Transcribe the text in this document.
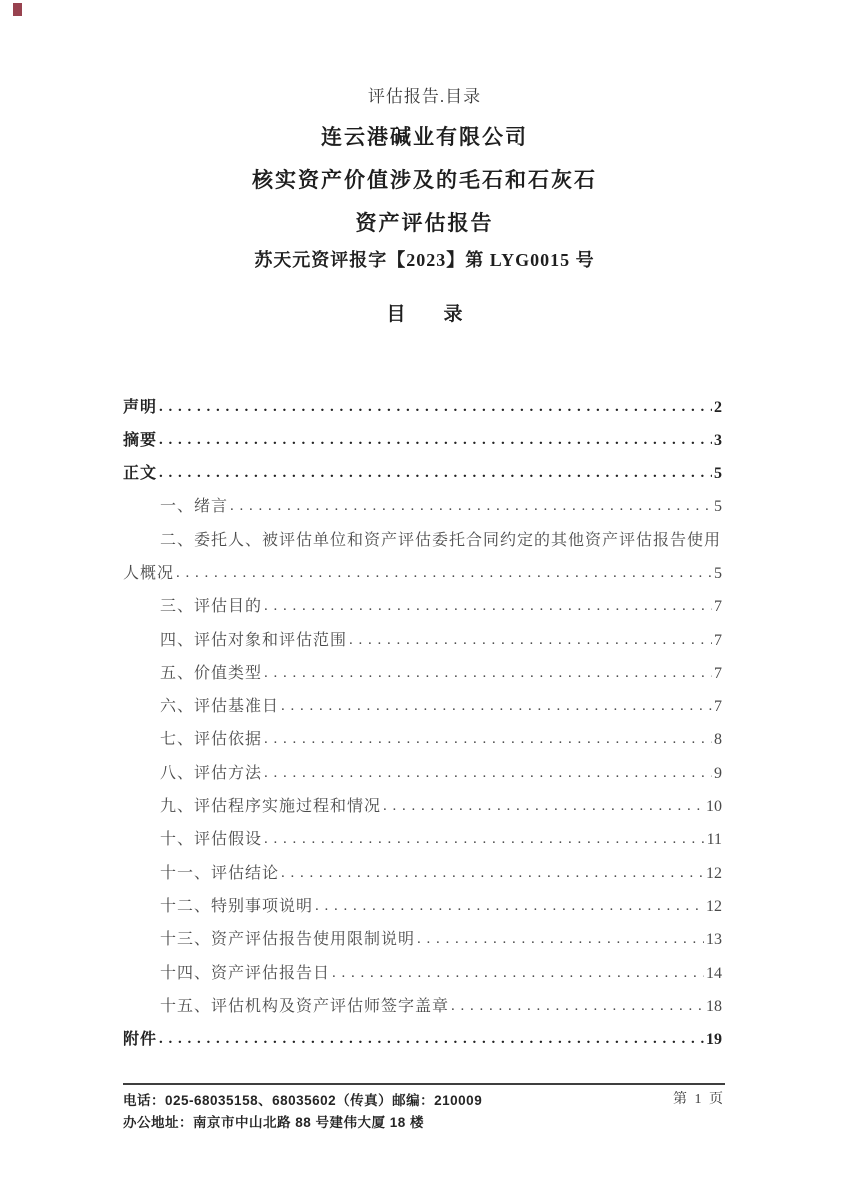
评估报告.目录
连云港碱业有限公司
核实资产价值涉及的毛石和石灰石
资产评估报告
苏天元资评报字【2023】第 LYG0015 号
目　　录
声明 . . .	2
摘要 . . .	3
正文 . . .	5
一、绪言 . . .	5
二、委托人、被评估单位和资产评估委托合同约定的其他资产评估报告使用
人概况 . . .	5
三、评估目的 . . .	7
四、评估对象和评估范围 . . .	7
五、价值类型 . . .	7
六、评估基准日 . . .	7
七、评估依据 . . .	8
八、评估方法 . . .	9
九、评估程序实施过程和情况 . . .	10
十、评估假设 . . .	11
十一、评估结论 . . .	12
十二、特别事项说明 . . .	12
十三、资产评估报告使用限制说明 . . .	13
十四、资产评估报告日 . . .	14
十五、评估机构及资产评估师签字盖章 . . .	18
附件 . . .	19
电话：025-68035158、68035602（传真）邮编：210009
办公地址：南京市中山北路 88 号建伟大厦 18 楼
第 1 页
